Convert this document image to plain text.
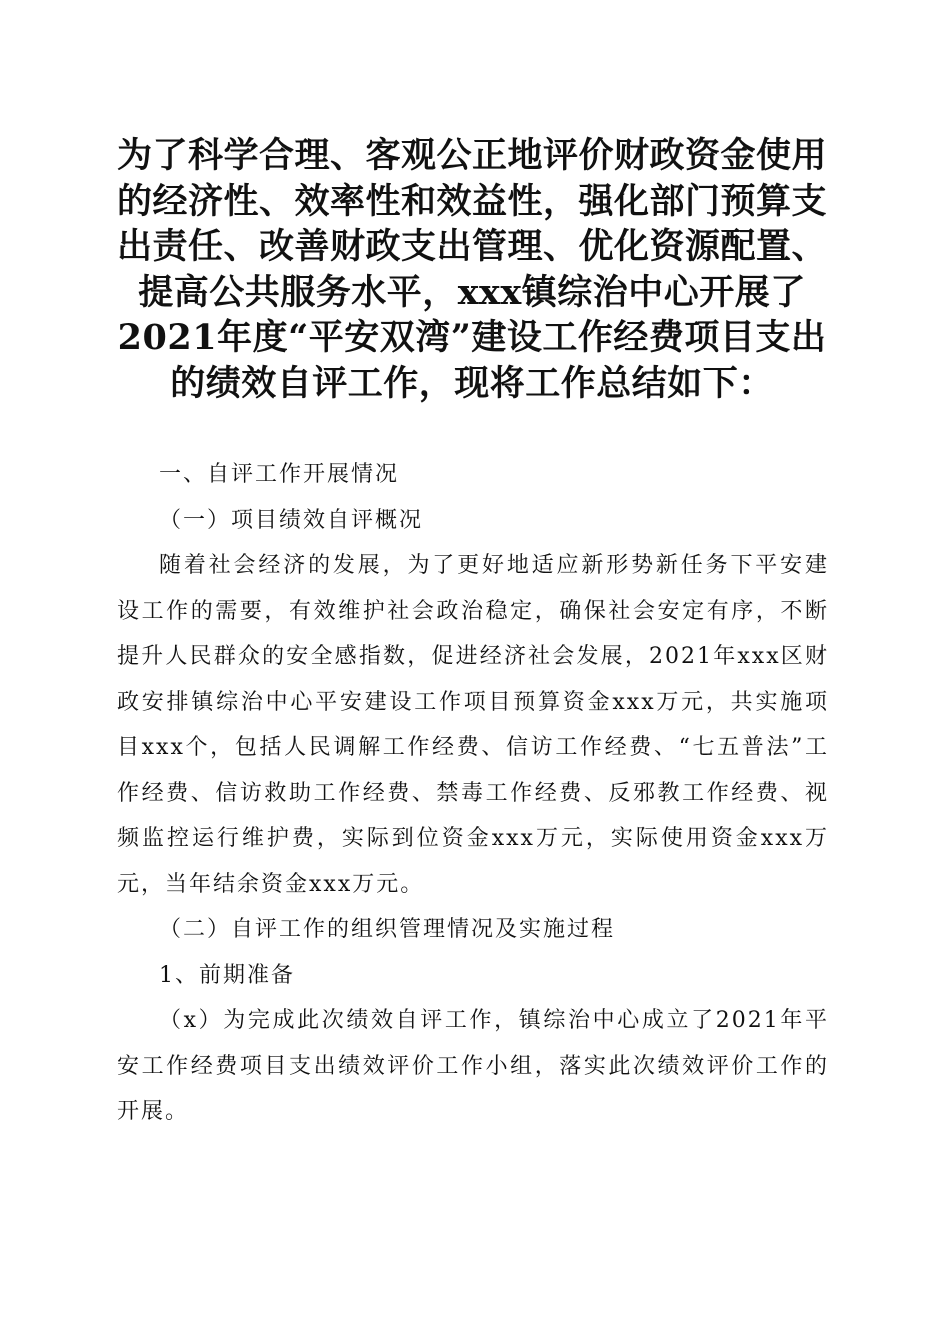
为了科学合理、客观公正地评价财政资金使用的经济性、效率性和效益性，强化部门预算支出责任、改善财政支出管理、优化资源配置、提高公共服务水平，xxx镇综治中心开展了2021年度“平安双湾”建设工作经费项目支出的绩效自评工作，现将工作总结如下：

一、自评工作开展情况

（一）项目绩效自评概况

随着社会经济的发展，为了更好地适应新形势新任务下平安建设工作的需要，有效维护社会政治稳定，确保社会安定有序，不断提升人民群众的安全感指数，促进经济社会发展，2021年xxx区财政安排镇综治中心平安建设工作项目预算资金xxx万元，共实施项目xxx个，包括人民调解工作经费、信访工作经费、“七五普法”工作经费、信访救助工作经费、禁毒工作经费、反邪教工作经费、视频监控运行维护费，实际到位资金xxx万元，实际使用资金xxx万元，当年结余资金xxx万元。

（二）自评工作的组织管理情况及实施过程

1、前期准备

（x）为完成此次绩效自评工作，镇综治中心成立了2021年平安工作经费项目支出绩效评价工作小组，落实此次绩效评价工作的开展。
